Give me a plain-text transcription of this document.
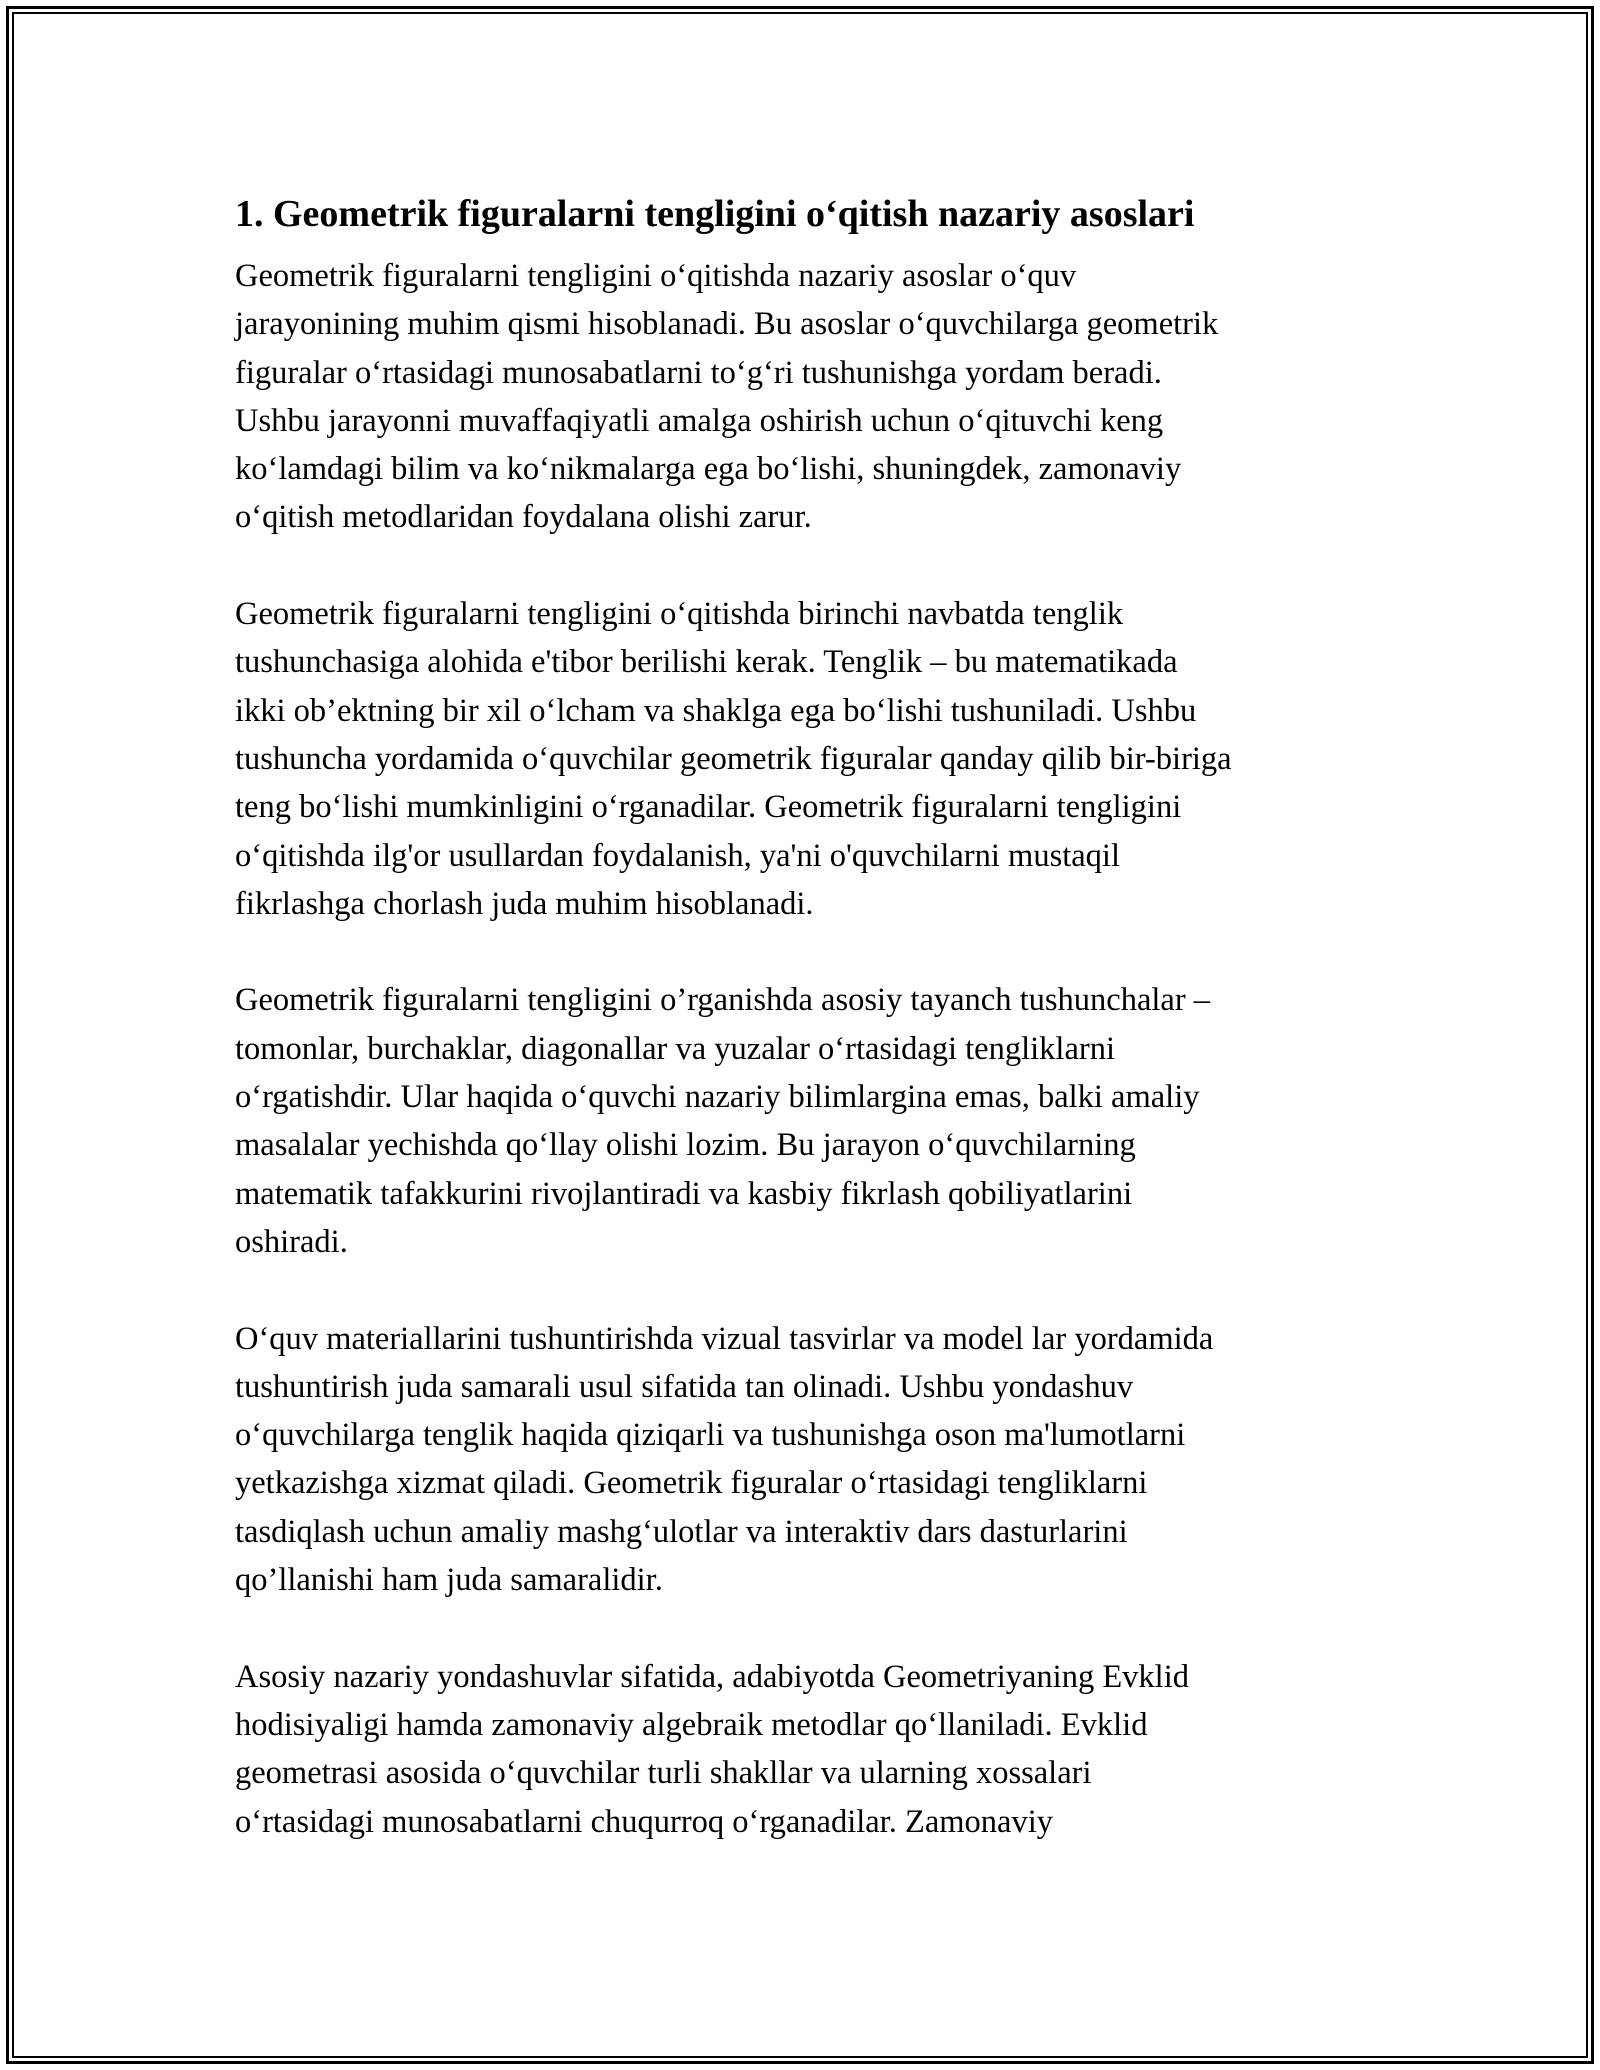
1. Geometrik figuralarni tengligini o‘qitish nazariy asoslari

Geometrik figuralarni tengligini o‘qitishda nazariy asoslar o‘quv
jarayonining muhim qismi hisoblanadi. Bu asoslar o‘quvchilarga geometrik
figuralar o‘rtasidagi munosabatlarni to‘g‘ri tushunishga yordam beradi.
Ushbu jarayonni muvaffaqiyatli amalga oshirish uchun o‘qituvchi keng
ko‘lamdagi bilim va ko‘nikmalarga ega bo‘lishi, shuningdek, zamonaviy
o‘qitish metodlaridan foydalana olishi zarur.

Geometrik figuralarni tengligini o‘qitishda birinchi navbatda tenglik
tushunchasiga alohida e'tibor berilishi kerak. Tenglik – bu matematikada
ikki ob’ektning bir xil o‘lcham va shaklga ega bo‘lishi tushuniladi. Ushbu
tushuncha yordamida o‘quvchilar geometrik figuralar qanday qilib bir-biriga
teng bo‘lishi mumkinligini o‘rganadilar. Geometrik figuralarni tengligini
o‘qitishda ilg'or usullardan foydalanish, ya'ni o'quvchilarni mustaqil
fikrlashga chorlash juda muhim hisoblanadi.

Geometrik figuralarni tengligini o’rganishda asosiy tayanch tushunchalar –
tomonlar, burchaklar, diagonallar va yuzalar o‘rtasidagi tengliklarni
o‘rgatishdir. Ular haqida o‘quvchi nazariy bilimlargina emas, balki amaliy
masalalar yechishda qo‘llay olishi lozim. Bu jarayon o‘quvchilarning
matematik tafakkurini rivojlantiradi va kasbiy fikrlash qobiliyatlarini
oshiradi.

O‘quv materiallarini tushuntirishda vizual tasvirlar va model lar yordamida
tushuntirish juda samarali usul sifatida tan olinadi. Ushbu yondashuv
o‘quvchilarga tenglik haqida qiziqarli va tushunishga oson ma'lumotlarni
yetkazishga xizmat qiladi. Geometrik figuralar o‘rtasidagi tengliklarni
tasdiqlash uchun amaliy mashg‘ulotlar va interaktiv dars dasturlarini
qo’llanishi ham juda samaralidir.

Asosiy nazariy yondashuvlar sifatida, adabiyotda Geometriyaning Evklid
hodisiyaligi hamda zamonaviy algebraik metodlar qo‘llaniladi. Evklid
geometrasi asosida o‘quvchilar turli shakllar va ularning xossalari
o‘rtasidagi munosabatlarni chuqurroq o‘rganadilar. Zamonaviy
